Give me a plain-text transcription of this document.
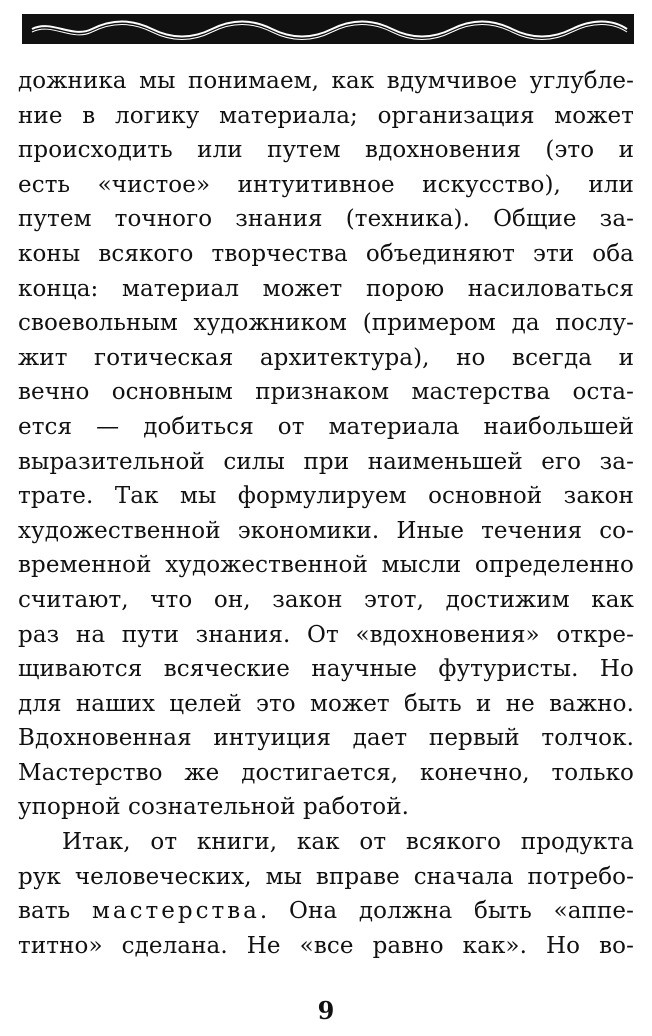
дожника мы понимаем, как вдумчивое углубле-
ние в логику материала; организация может
происходить или путем вдохновения (это и
есть «чистое» интуитивное искусство), или
путем точного знания (техника). Общие за-
коны всякого творчества объединяют эти оба
конца: материал может порою насиловаться
своевольным художником (примером да послу-
жит готическая архитектура), но всегда и
вечно основным признаком мастерства оста-
ется — добиться от материала наибольшей
выразительной силы при наименьшей его за-
трате. Так мы формулируем основной закон
художественной экономики. Иные течения со-
временной художественной мысли определенно
считают, что он, закон этот, достижим как
раз на пути знания. От «вдохновения» откре-
щиваются всяческие научные футуристы. Но
для наших целей это может быть и не важно.
Вдохновенная интуиция дает первый толчок.
Мастерство же достигается, конечно, только
упорной сознательной работой.
Итак, от книги, как от всякого продукта
рук человеческих, мы вправе сначала потребо-
вать мастерства. Она должна быть «аппе-
титно» сделана. Не «все равно как». Но во-
9
